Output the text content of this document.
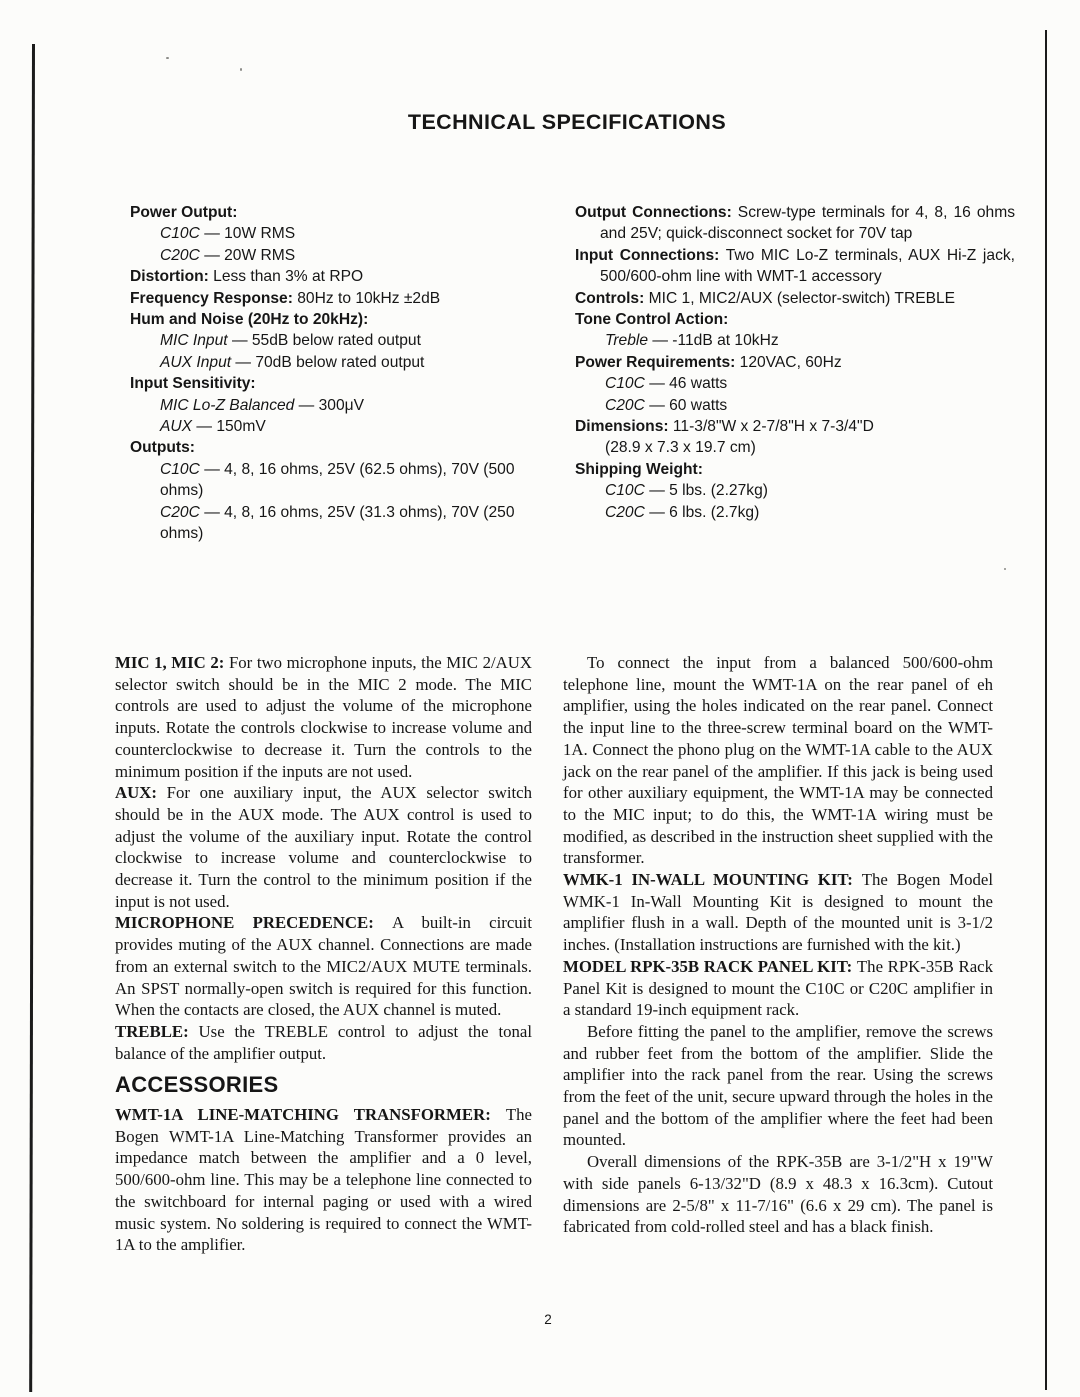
TECHNICAL SPECIFICATIONS
Power Output:
C10C — 10W RMS
C20C — 20W RMS
Distortion: Less than 3% at RPO
Frequency Response: 80Hz to 10kHz ±2dB
Hum and Noise (20Hz to 20kHz):
MIC Input — 55dB below rated output
AUX Input — 70dB below rated output
Input Sensitivity:
MIC Lo-Z Balanced — 300μV
AUX — 150mV
Outputs:
C10C — 4, 8, 16 ohms, 25V (62.5 ohms), 70V (500 ohms)
C20C — 4, 8, 16 ohms, 25V (31.3 ohms), 70V (250 ohms)
Output Connections: Screw-type terminals for 4, 8, 16 ohms and 25V; quick-disconnect socket for 70V tap
Input Connections: Two MIC Lo-Z terminals, AUX Hi-Z jack, 500/600-ohm line with WMT-1 accessory
Controls: MIC 1, MIC2/AUX (selector-switch) TREBLE
Tone Control Action:
Treble — -11dB at 10kHz
Power Requirements: 120VAC, 60Hz
C10C — 46 watts
C20C — 60 watts
Dimensions: 11-3/8"W x 2-7/8"H x 7-3/4"D
(28.9 x 7.3 x 19.7 cm)
Shipping Weight:
C10C — 5 lbs. (2.27kg)
C20C — 6 lbs. (2.7kg)

MIC 1, MIC 2: For two microphone inputs, the MIC 2/AUX selector switch should be in the MIC 2 mode. The MIC controls are used to adjust the volume of the microphone inputs. Rotate the controls clockwise to increase volume and counterclockwise to decrease it. Turn the controls to the minimum position if the inputs are not used.

AUX: For one auxiliary input, the AUX selector switch should be in the AUX mode. The AUX control is used to adjust the volume of the auxiliary input. Rotate the control clockwise to increase volume and counterclockwise to decrease it. Turn the control to the minimum position if the input is not used.

MICROPHONE PRECEDENCE: A built-in circuit provides muting of the AUX channel. Connections are made from an external switch to the MIC2/AUX MUTE terminals. An SPST normally-open switch is required for this function. When the contacts are closed, the AUX channel is muted.

TREBLE: Use the TREBLE control to adjust the tonal balance of the amplifier output.

ACCESSORIES

WMT-1A LINE-MATCHING TRANSFORMER: The Bogen WMT-1A Line-Matching Transformer provides an impedance match between the amplifier and a 0 level, 500/600-ohm line. This may be a telephone line connected to the switchboard for internal paging or used with a wired music system. No soldering is required to connect the WMT-1A to the amplifier.

To connect the input from a balanced 500/600-ohm telephone line, mount the WMT-1A on the rear panel of eh amplifier, using the holes indicated on the rear panel. Connect the input line to the three-screw terminal board on the WMT-1A. Connect the phono plug on the WMT-1A cable to the AUX jack on the rear panel of the amplifier. If this jack is being used for other auxiliary equipment, the WMT-1A may be connected to the MIC input; to do this, the WMT-1A wiring must be modified, as described in the instruction sheet supplied with the transformer.

WMK-1 IN-WALL MOUNTING KIT: The Bogen Model WMK-1 In-Wall Mounting Kit is designed to mount the amplifier flush in a wall. Depth of the mounted unit is 3-1/2 inches. (Installation instructions are furnished with the kit.)

MODEL RPK-35B RACK PANEL KIT: The RPK-35B Rack Panel Kit is designed to mount the C10C or C20C amplifier in a standard 19-inch equipment rack.

Before fitting the panel to the amplifier, remove the screws and rubber feet from the bottom of the amplifier. Slide the amplifier into the rack panel from the rear. Using the screws from the feet of the unit, secure upward through the holes in the panel and the bottom of the amplifier where the feet had been mounted.

Overall dimensions of the RPK-35B are 3-1/2"H x 19"W with side panels 6-13/32"D (8.9 x 48.3 x 16.3cm). Cutout dimensions are 2-5/8" x 11-7/16" (6.6 x 29 cm). The panel is fabricated from cold-rolled steel and has a black finish.

2
